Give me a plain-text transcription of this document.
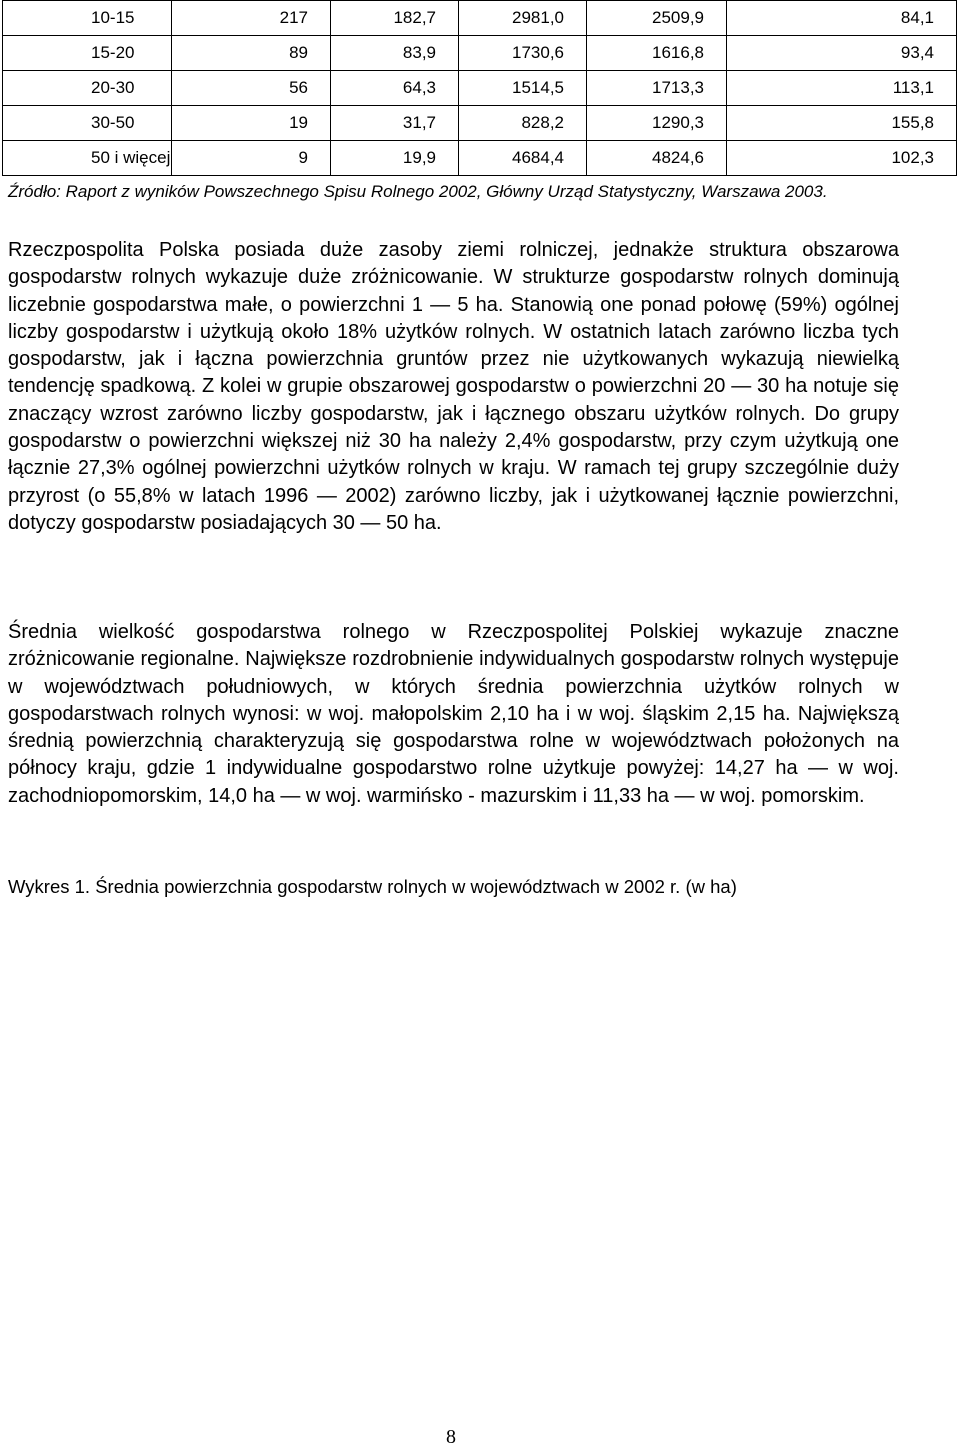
10-15	217	182,7	2981,0	2509,9	84,1
15-20	89	83,9	1730,6	1616,8	93,4
20-30	56	64,3	1514,5	1713,3	113,1
30-50	19	31,7	828,2	1290,3	155,8
50 i więcej	9	19,9	4684,4	4824,6	102,3
Źródło: Raport z wyników Powszechnego Spisu Rolnego 2002, Główny Urząd Statystyczny, Warszawa 2003.

Rzeczpospolita Polska posiada duże zasoby ziemi rolniczej, jednakże struktura obszarowa gospodarstw rolnych wykazuje duże zróżnicowanie. W strukturze gospodarstw rolnych dominują liczebnie gospodarstwa małe, o powierzchni 1 — 5 ha. Stanowią one ponad połowę (59%) ogólnej liczby gospodarstw i użytkują około 18% użytków rolnych. W ostatnich latach zarówno liczba tych gospodarstw, jak i łączna powierzchnia gruntów przez nie użytkowanych wykazują niewielką tendencję spadkową. Z kolei w grupie obszarowej gospodarstw o powierzchni 20 — 30 ha notuje się znaczący wzrost zarówno liczby gospodarstw, jak i łącznego obszaru użytków rolnych. Do grupy gospodarstw o powierzchni większej niż 30 ha należy 2,4% gospodarstw, przy czym użytkują one łącznie 27,3% ogólnej powierzchni użytków rolnych w kraju. W ramach tej grupy szczególnie duży przyrost (o 55,8% w latach 1996 — 2002) zarówno liczby, jak i użytkowanej łącznie powierzchni, dotyczy gospodarstw posiadających 30 — 50 ha.

Średnia wielkość gospodarstwa rolnego w Rzeczpospolitej Polskiej wykazuje znaczne zróżnicowanie regionalne. Największe rozdrobnienie indywidualnych gospodarstw rolnych występuje w województwach południowych, w których średnia powierzchnia użytków rolnych w gospodarstwach rolnych wynosi: w woj. małopolskim 2,10 ha i w woj. śląskim 2,15 ha. Największą średnią powierzchnią charakteryzują się gospodarstwa rolne w województwach położonych na północy kraju, gdzie 1 indywidualne gospodarstwo rolne użytkuje powyżej: 14,27 ha — w woj. zachodniopomorskim, 14,0 ha — w woj. warmińsko - mazurskim i 11,33 ha — w woj. pomorskim.

Wykres 1. Średnia powierzchnia gospodarstw rolnych w województwach w 2002 r. (w ha)
8
